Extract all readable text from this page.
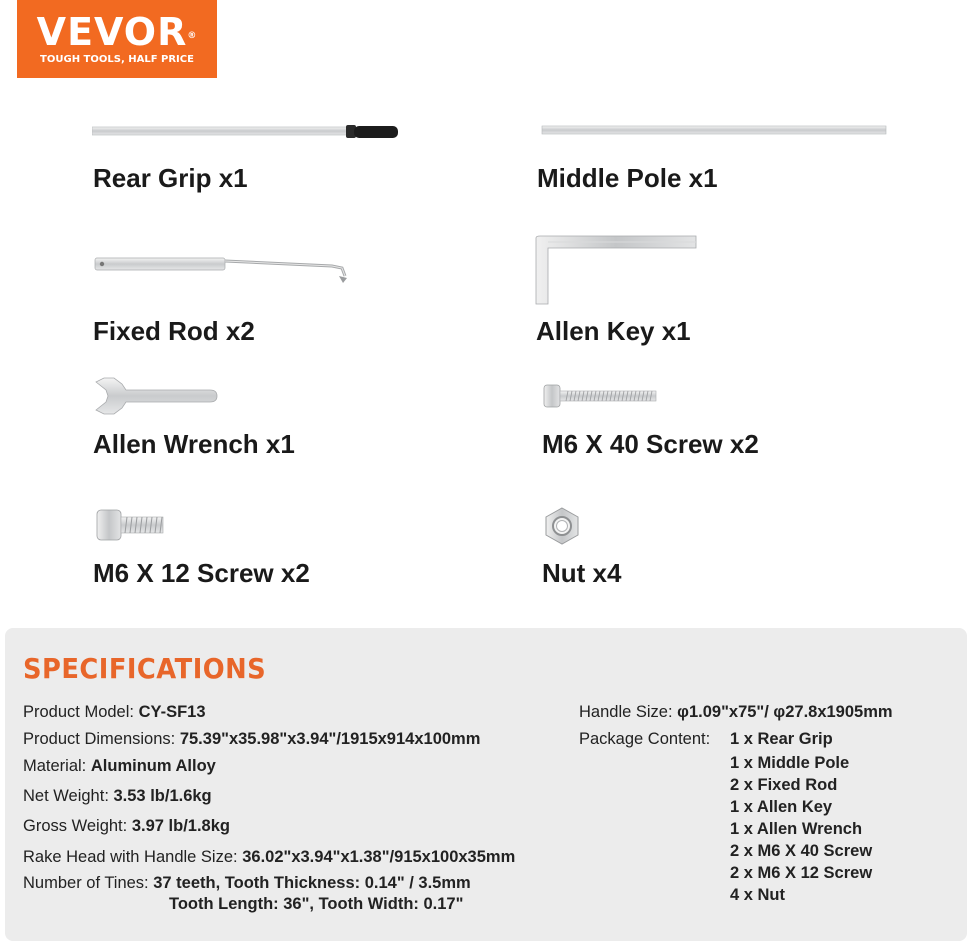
VEVOR®
TOUGH TOOLS, HALF PRICE
Rear Grip x1	Middle Pole x1
Fixed Rod x2	Allen Key x1
Allen Wrench x1	M6 X 40 Screw x2
M6 X 12 Screw x2	Nut x4
SPECIFICATIONS
Product Model: CY-SF13
Product Dimensions: 75.39"x35.98"x3.94"/1915x914x100mm
Material: Aluminum Alloy
Net Weight: 3.53 lb/1.6kg
Gross Weight: 3.97 lb/1.8kg
Rake Head with Handle Size: 36.02"x3.94"x1.38"/915x100x35mm
Number of Tines: 37 teeth, Tooth Thickness: 0.14" / 3.5mm
Tooth Length: 36", Tooth Width: 0.17"
Handle Size: φ1.09"x75"/ φ27.8x1905mm
Package Content: 1 x Rear Grip
1 x Middle Pole
2 x Fixed Rod
1 x Allen Key
1 x Allen Wrench
2 x M6 X 40 Screw
2 x M6 X 12 Screw
4 x Nut
